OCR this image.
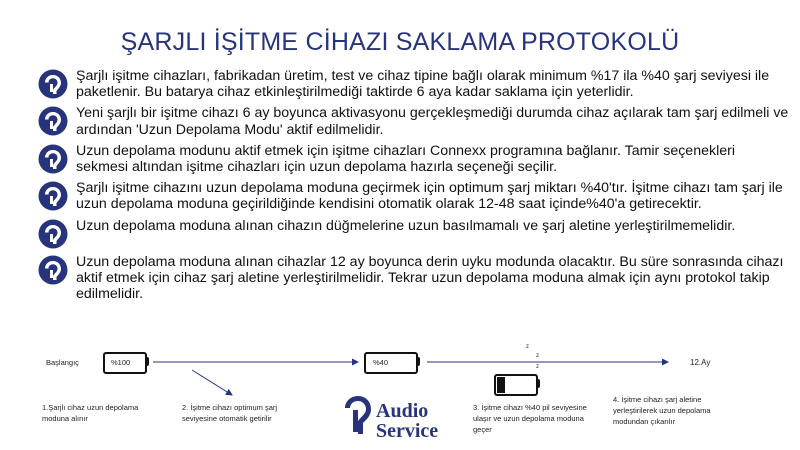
ŞARJLI İŞİTME CİHAZI SAKLAMA PROTOKOLÜ
Şarjlı işitme cihazları, fabrikadan üretim, test ve cihaz tipine bağlı olarak minimum %17 ila %40 şarj seviyesi ile paketlenir. Bu batarya cihaz etkinleştirilmediği taktirde 6 aya kadar saklama için yeterlidir.
Yeni şarjlı bir işitme cihazı 6 ay boyunca aktivasyonu gerçekleşmediği durumda cihaz açılarak tam şarj edilmeli ve ardından 'Uzun Depolama Modu' aktif edilmelidir.
Uzun depolama modunu aktif etmek için işitme cihazları Connexx programına bağlanır. Tamir seçenekleri sekmesi altından işitme cihazları için uzun depolama hazırla seçeneği seçilir.
Şarjlı işitme cihazını uzun depolama moduna geçirmek için optimum şarj miktarı %40'tır. İşitme cihazı tam şarj ile uzun depolama moduna geçirildiğinde kendisini otomatik olarak 12-48 saat içinde%40'a getirecektir.
Uzun depolama moduna alınan cihazın düğmelerine uzun basılmamalı ve şarj aletine yerleştirilmemelidir.
Uzun depolama moduna alınan cihazlar 12 ay boyunca derin uyku modunda olacaktır. Bu süre sonrasında cihazı aktif etmek için cihaz şarj aletine yerleştirilmelidir. Tekrar uzun depolama moduna almak için aynı protokol takip edilmelidir.
Başlangıç	%100	%40
z
z
z	12.Ay
1.Şarjlı cihaz uzun depolama moduna alınır
2. İşitme cihazı optimum şarj seviyesine otomatik getirilir
3. İşitme cihazı %40 pil seviyesine ulaşır ve uzun depolama moduna geçer
4. İşitme cihazı şarj aletine yerleştirilerek uzun depolama modundan çıkarılır
Audio
Service
